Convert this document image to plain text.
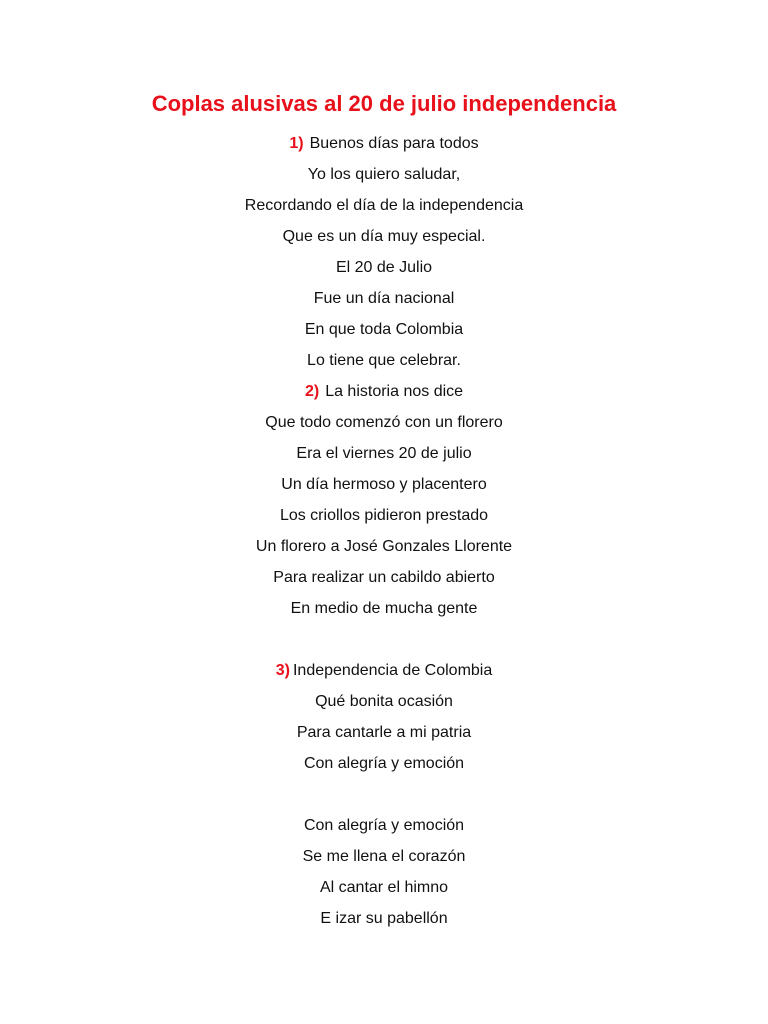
Coplas alusivas al 20 de julio independencia
1) Buenos días para todos
Yo los quiero saludar,
Recordando el día de la independencia
Que es un día muy especial.
El 20 de Julio
Fue un día nacional
En que toda Colombia
Lo tiene que celebrar.
2) La historia nos dice
Que todo comenzó con un florero
Era el viernes 20 de julio
Un día hermoso y placentero
Los criollos pidieron prestado
Un florero a José Gonzales Llorente
Para realizar un cabildo abierto
En medio de mucha gente
3) Independencia de Colombia
Qué bonita ocasión
Para cantarle a mi patria
Con alegría y emoción
Con alegría y emoción
Se me llena el corazón
Al cantar el himno
E izar su pabellón
